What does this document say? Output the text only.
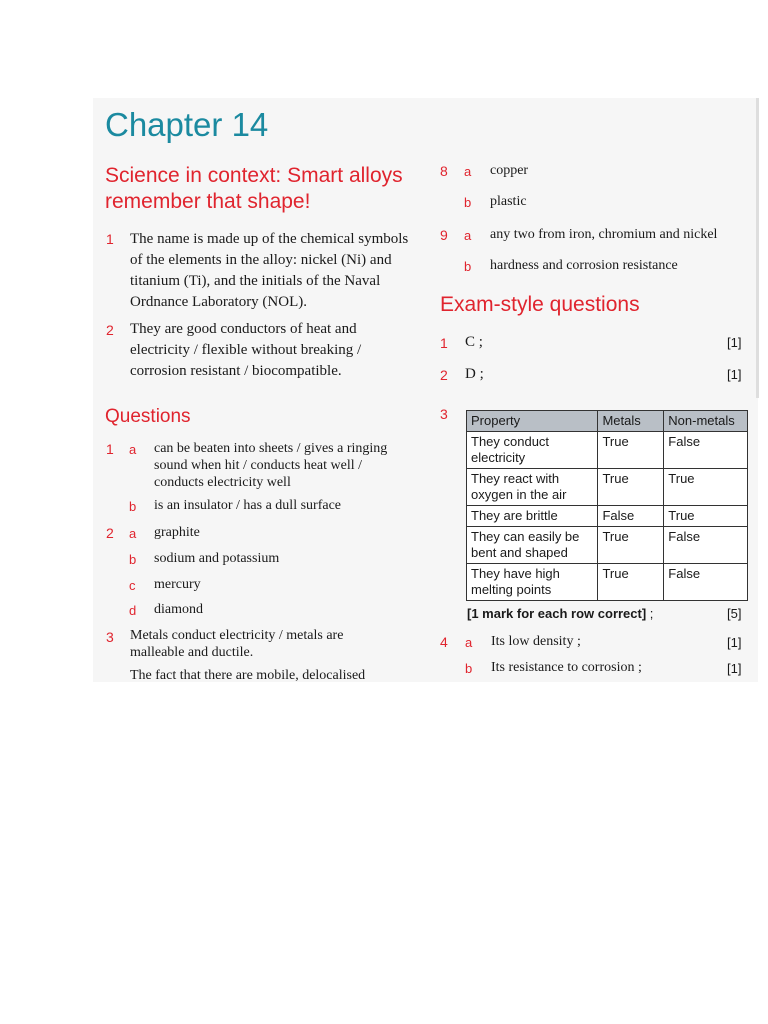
Chapter 14
Science in context: Smart alloys
remember that shape!
1 The name is made up of the chemical symbols
of the elements in the alloy: nickel (Ni) and
titanium (Ti), and the initials of the Naval
Ordnance Laboratory (NOL).
2 They are good conductors of heat and
electricity / flexible without breaking /
corrosion resistant / biocompatible.
Questions
1 a can be beaten into sheets / gives a ringing
sound when hit / conducts heat well /
conducts electricity well
b is an insulator / has a dull surface
2 a graphite
b sodium and potassium
c mercury
d diamond
3 Metals conduct electricity / metals are
malleable and ductile.
The fact that there are mobile, delocalised
8 a copper
b plastic
9 a any two from iron, chromium and nickel
b hardness and corrosion resistance
Exam-style questions
1 C ;	[1]
2 D ;	[1]
3 Property	Metals	Non-metals
They conduct electricity	True	False
They react with oxygen in the air	True	True
They are brittle	False	True
They can easily be bent and shaped	True	False
They have high melting points	True	False
[1 mark for each row correct] ;	[5]
4 a Its low density ;	[1]
b Its resistance to corrosion ;	[1]
